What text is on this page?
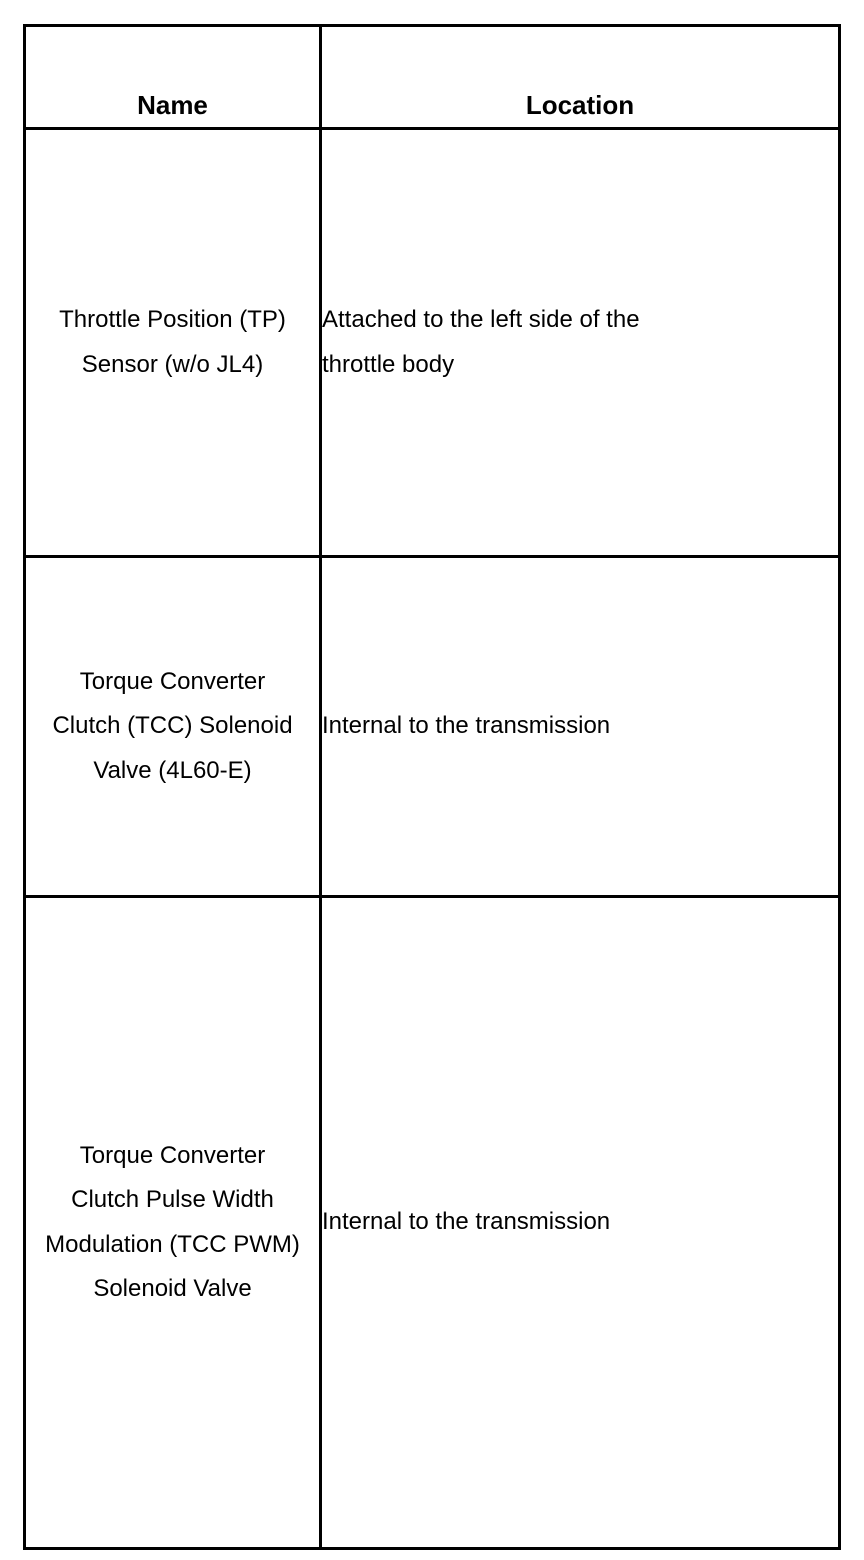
Name	Location
Throttle Position (TP) Sensor (w/o JL4)	Attached to the left side of the throttle body
Torque Converter Clutch (TCC) Solenoid Valve (4L60-E)	Internal to the transmission
Torque Converter Clutch Pulse Width Modulation (TCC PWM) Solenoid Valve	Internal to the transmission
